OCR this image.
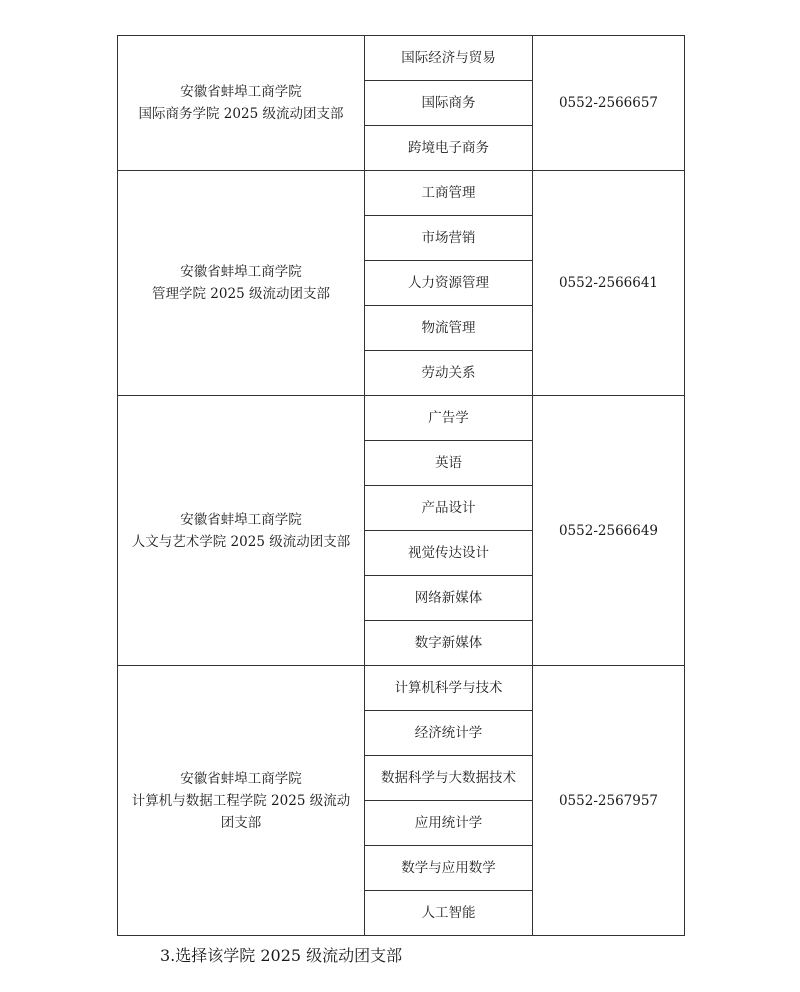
安徽省蚌埠工商学院
国际商务学院 2025 级流动团支部	国际经济与贸易	0552-2566657
	国际商务	
	跨境电子商务	

安徽省蚌埠工商学院
管理学院 2025 级流动团支部	工商管理	0552-2566641
	市场营销	
	人力资源管理	
	物流管理	
	劳动关系	

安徽省蚌埠工商学院
人文与艺术学院 2025 级流动团支部	广告学	0552-2566649
	英语	
	产品设计	
	视觉传达设计	
	网络新媒体	
	数字新媒体	

安徽省蚌埠工商学院
计算机与数据工程学院 2025 级流动
团支部	计算机科学与技术	0552-2567957
	经济统计学	
	数据科学与大数据技术	
	应用统计学	
	数学与应用数学	
	人工智能	
3.选择该学院 2025 级流动团支部
